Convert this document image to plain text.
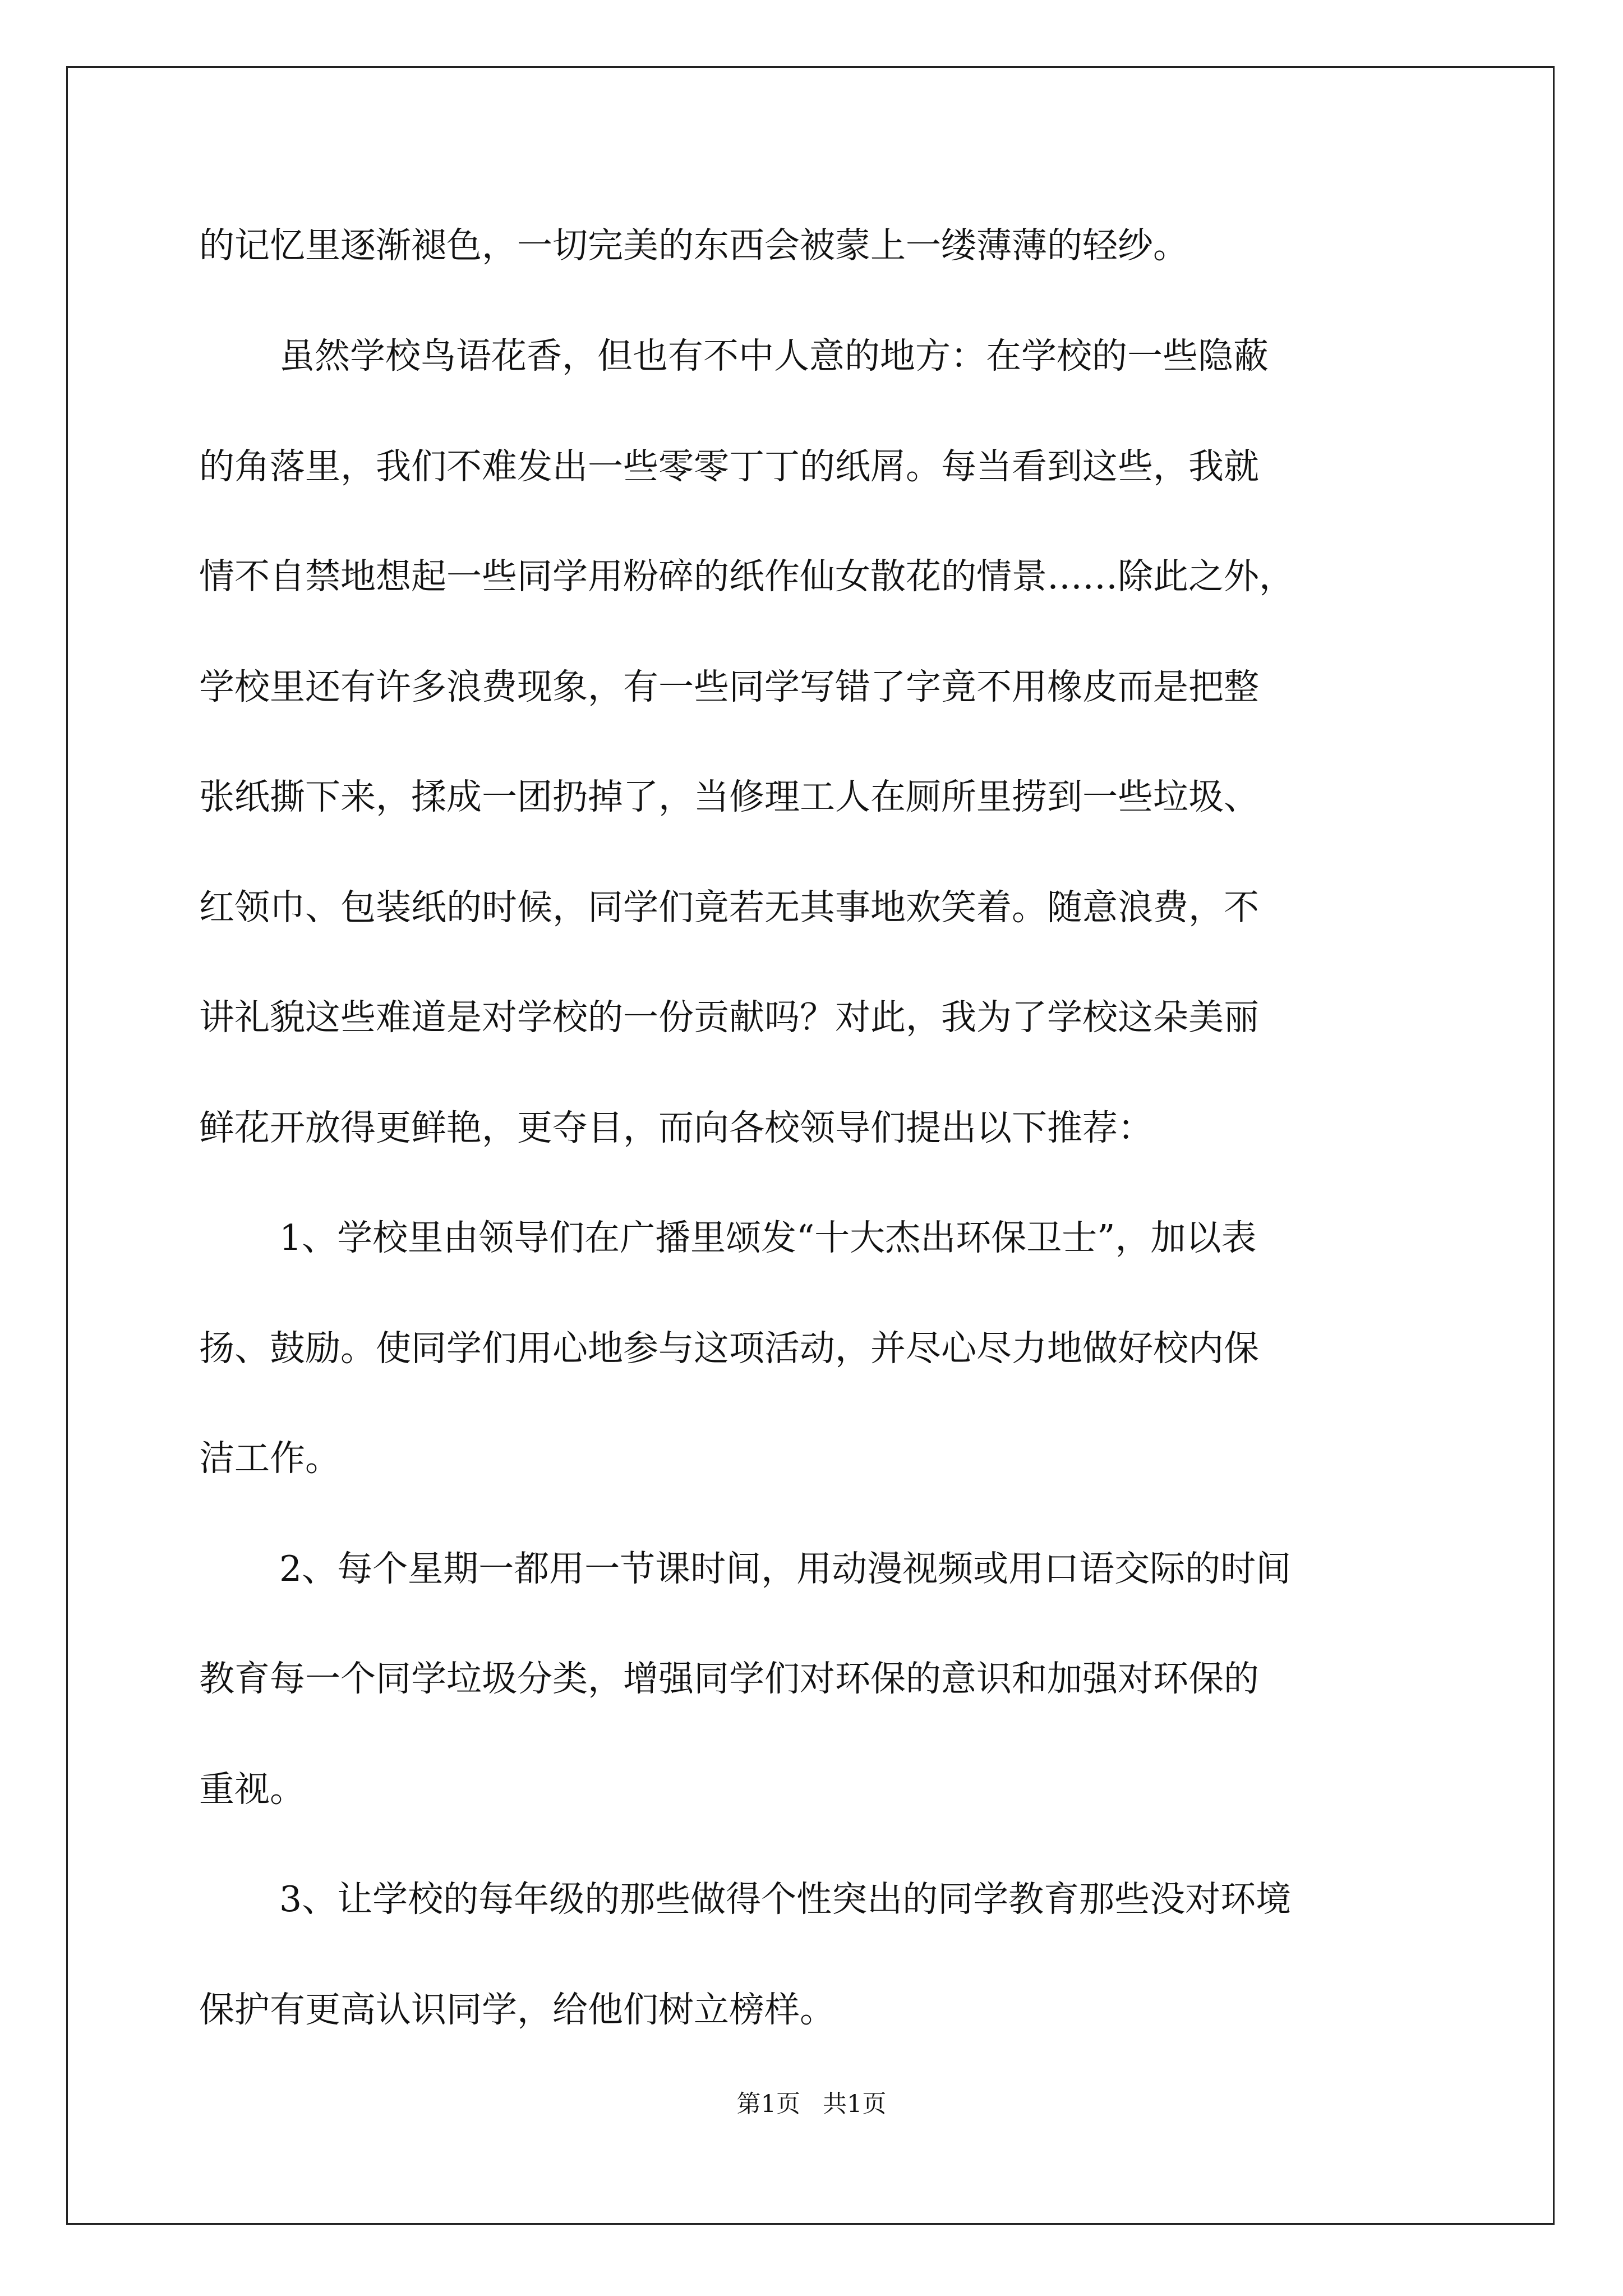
的记忆里逐渐褪色，一切完美的东西会被蒙上一缕薄薄的轻纱。
虽然学校鸟语花香，但也有不中人意的地方：在学校的一些隐蔽
的角落里，我们不难发出一些零零丁丁的纸屑。每当看到这些，我就
情不自禁地想起一些同学用粉碎的纸作仙女散花的情景……除此之外，
学校里还有许多浪费现象，有一些同学写错了字竟不用橡皮而是把整
张纸撕下来，揉成一团扔掉了，当修理工人在厕所里捞到一些垃圾、
红领巾、包装纸的时候，同学们竟若无其事地欢笑着。随意浪费，不
讲礼貌这些难道是对学校的一份贡献吗？对此，我为了学校这朵美丽
鲜花开放得更鲜艳，更夺目，而向各校领导们提出以下推荐：
1、学校里由领导们在广播里颂发“十大杰出环保卫士”，加以表
扬、鼓励。使同学们用心地参与这项活动，并尽心尽力地做好校内保
洁工作。
2、每个星期一都用一节课时间，用动漫视频或用口语交际的时间
教育每一个同学垃圾分类，增强同学们对环保的意识和加强对环保的
重视。
3、让学校的每年级的那些做得个性突出的同学教育那些没对环境
保护有更高认识同学，给他们树立榜样。
第1页 共1页
